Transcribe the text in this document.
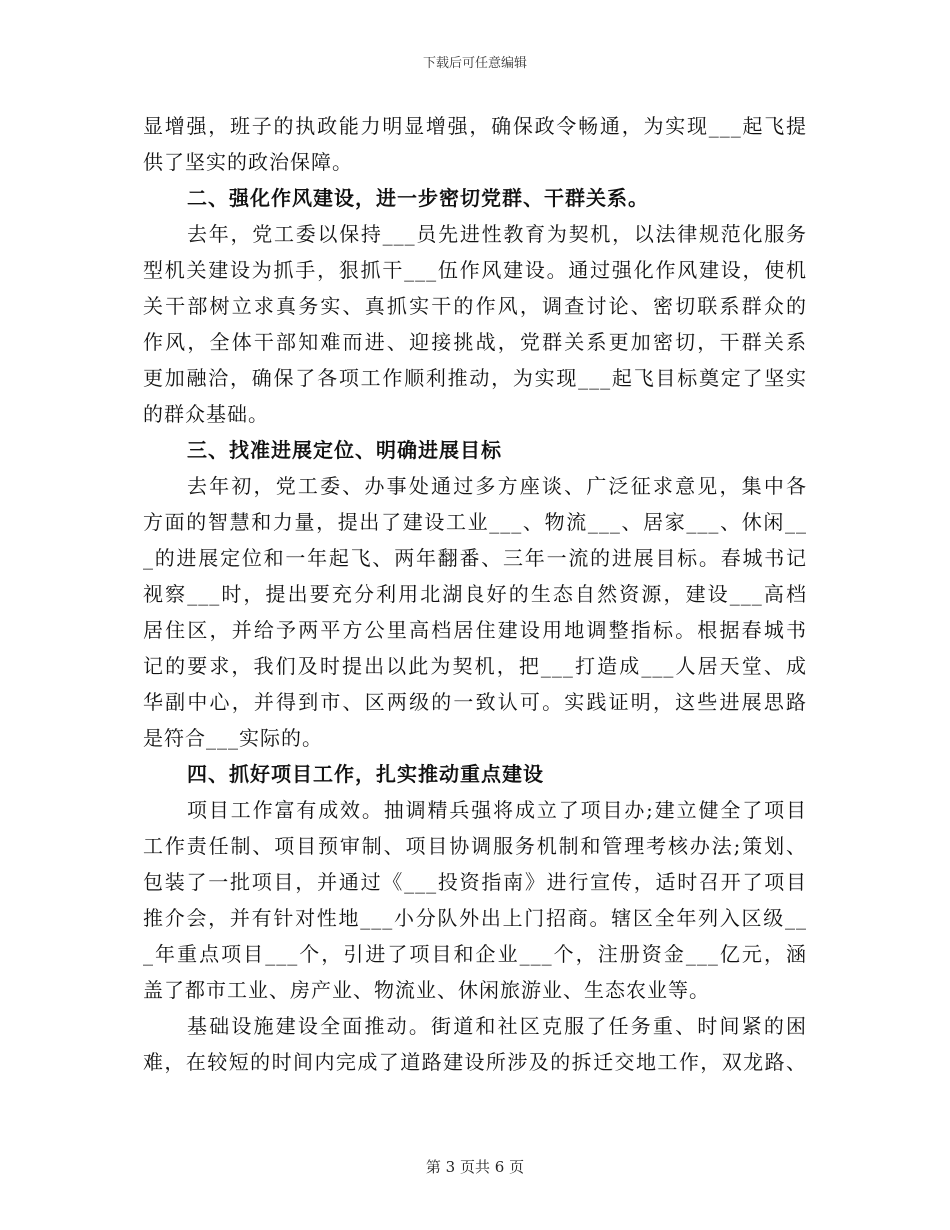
下载后可任意编辑
显增强，班子的执政能力明显增强，确保政令畅通，为实现___起飞提
供了坚实的政治保障。
二、强化作风建设，进一步密切党群、干群关系。
去年，党工委以保持___员先进性教育为契机，以法律规范化服务
型机关建设为抓手，狠抓干___伍作风建设。通过强化作风建设，使机
关干部树立求真务实、真抓实干的作风，调查讨论、密切联系群众的
作风，全体干部知难而进、迎接挑战，党群关系更加密切，干群关系
更加融洽，确保了各项工作顺利推动，为实现___起飞目标奠定了坚实
的群众基础。
三、找准进展定位、明确进展目标
去年初，党工委、办事处通过多方座谈、广泛征求意见，集中各
方面的智慧和力量，提出了建设工业___、物流___、居家___、休闲__
_的进展定位和一年起飞、两年翻番、三年一流的进展目标。春城书记
视察___时，提出要充分利用北湖良好的生态自然资源，建设___高档
居住区，并给予两平方公里高档居住建设用地调整指标。根据春城书
记的要求，我们及时提出以此为契机，把___打造成___人居天堂、成
华副中心，并得到市、区两级的一致认可。实践证明，这些进展思路
是符合___实际的。
四、抓好项目工作，扎实推动重点建设
项目工作富有成效。抽调精兵强将成立了项目办;建立健全了项目
工作责任制、项目预审制、项目协调服务机制和管理考核办法;策划、
包装了一批项目，并通过《___投资指南》进行宣传，适时召开了项目
推介会，并有针对性地___小分队外出上门招商。辖区全年列入区级__
_年重点项目___个，引进了项目和企业___个，注册资金___亿元，涵
盖了都市工业、房产业、物流业、休闲旅游业、生态农业等。
基础设施建设全面推动。街道和社区克服了任务重、时间紧的困
难，在较短的时间内完成了道路建设所涉及的拆迁交地工作，双龙路、
第 3 页共 6 页
